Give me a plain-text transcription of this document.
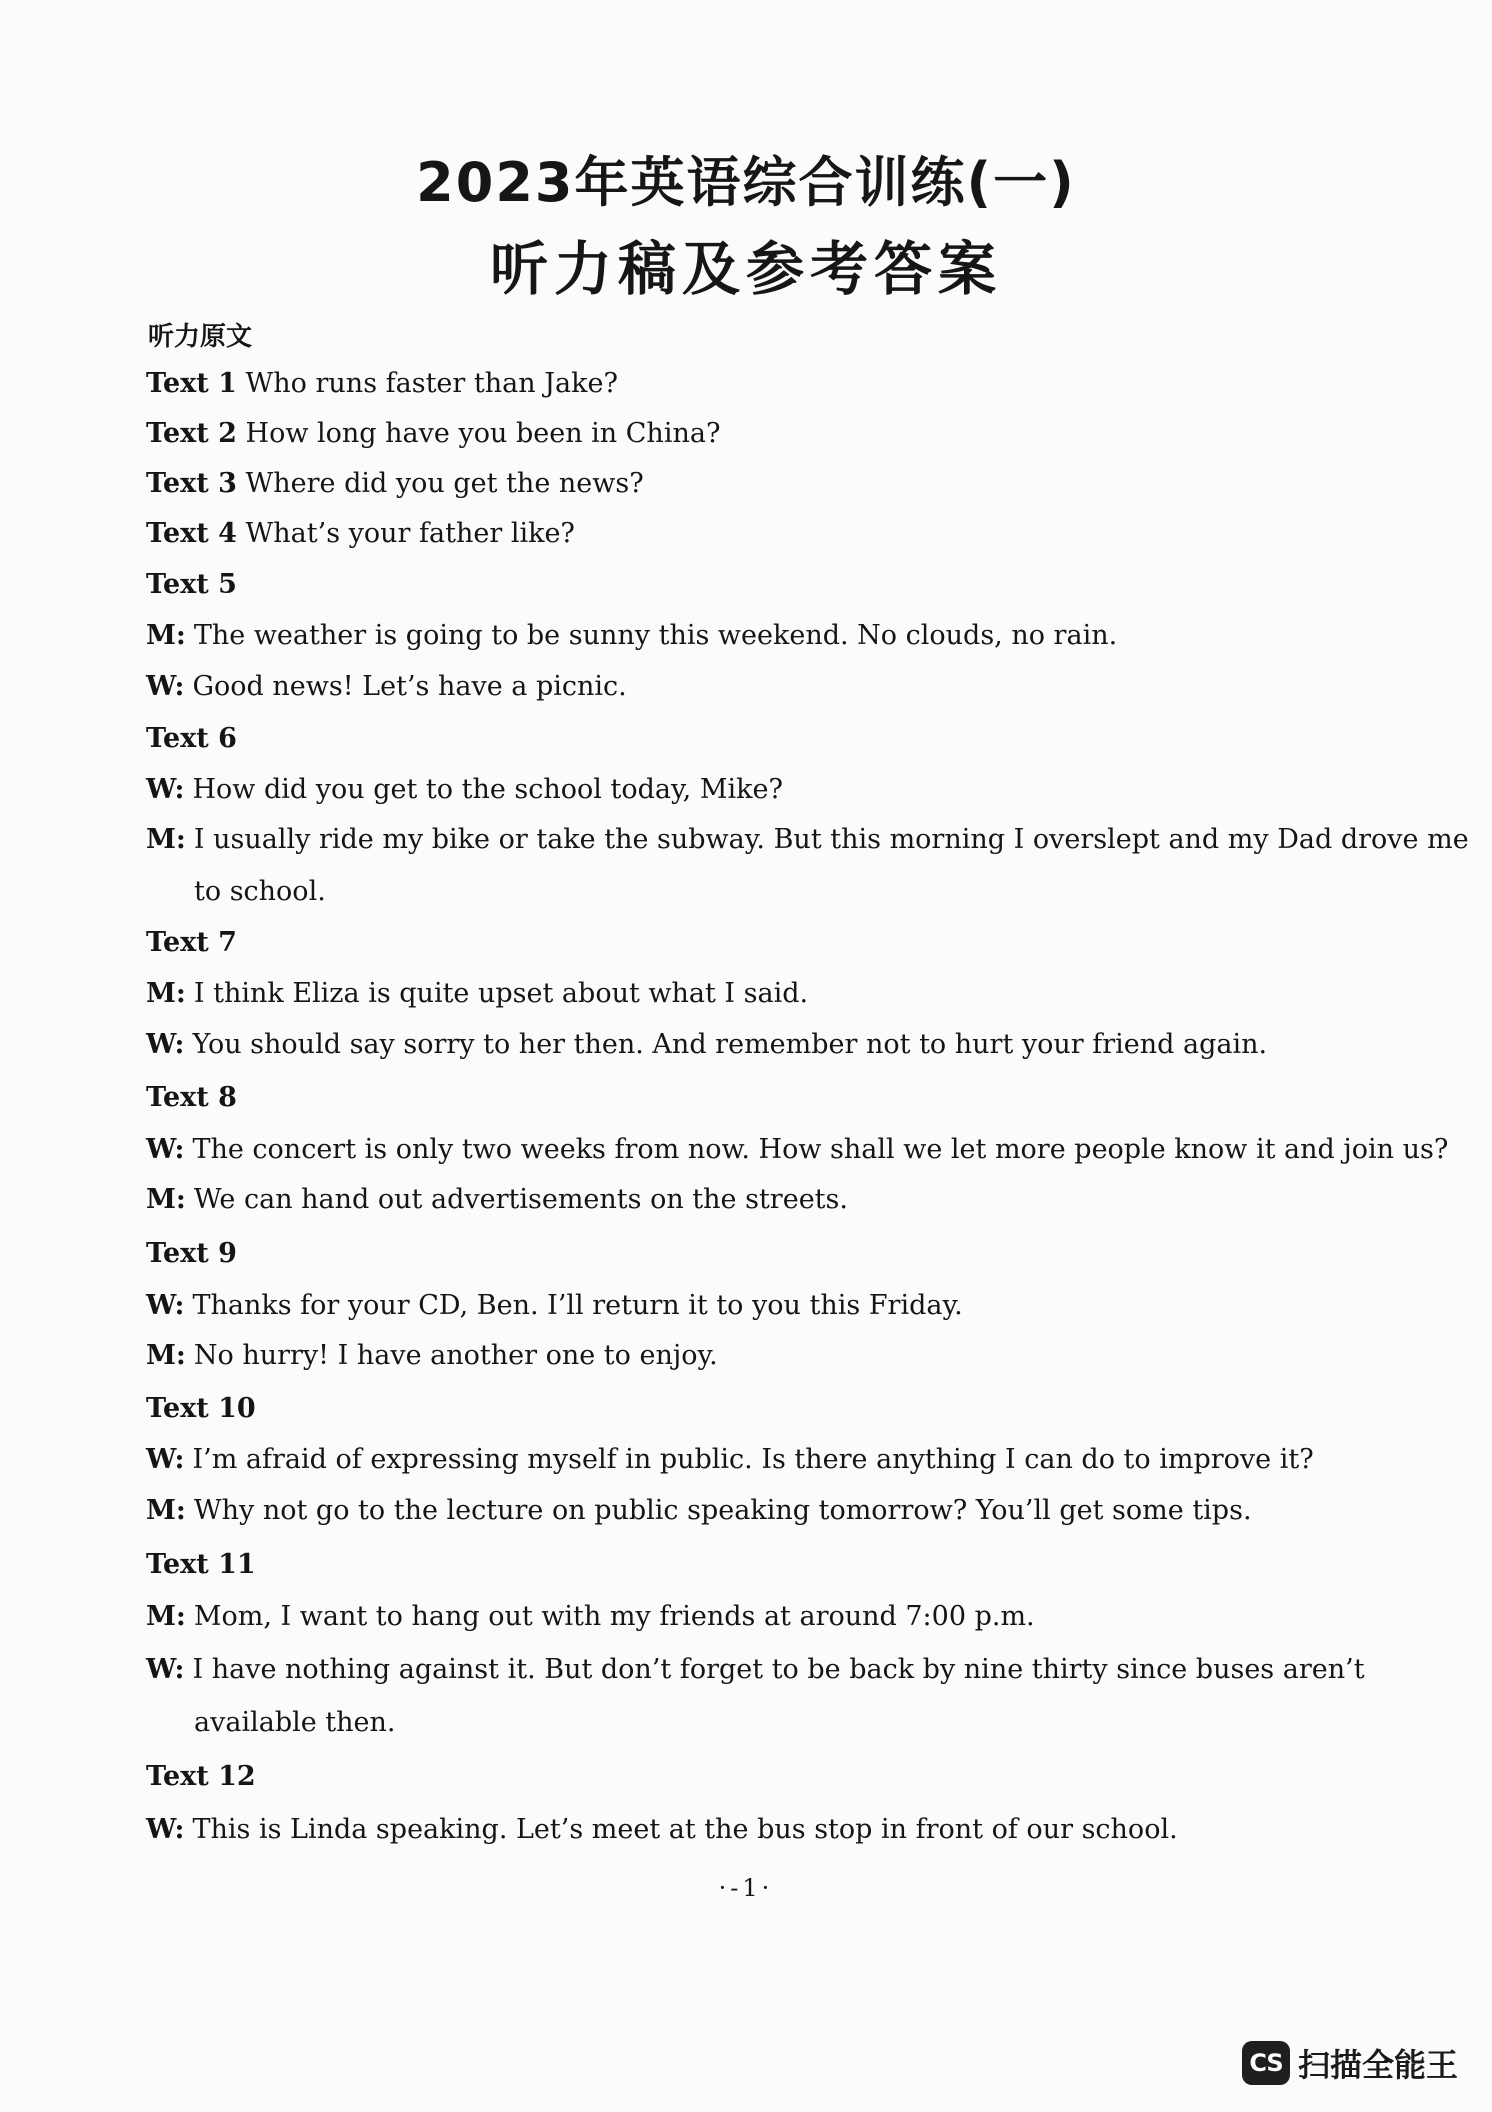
2023年英语综合训练(一)
听力稿及参考答案
听力原文
Text 1 Who runs faster than Jake?
Text 2 How long have you been in China?
Text 3 Where did you get the news?
Text 4 What’s your father like?
Text 5
M: The weather is going to be sunny this weekend. No clouds, no rain.
W: Good news! Let’s have a picnic.
Text 6
W: How did you get to the school today, Mike?
M: I usually ride my bike or take the subway. But this morning I overslept and my Dad drove me
to school.
Text 7
M: I think Eliza is quite upset about what I said.
W: You should say sorry to her then. And remember not to hurt your friend again.
Text 8
W: The concert is only two weeks from now. How shall we let more people know it and join us?
M: We can hand out advertisements on the streets.
Text 9
W: Thanks for your CD, Ben. I’ll return it to you this Friday.
M: No hurry! I have another one to enjoy.
Text 10
W: I’m afraid of expressing myself in public. Is there anything I can do to improve it?
M: Why not go to the lecture on public speaking tomorrow? You’ll get some tips.
Text 11
M: Mom, I want to hang out with my friends at around 7:00 p.m.
W: I have nothing against it. But don’t forget to be back by nine thirty since buses aren’t
available then.
Text 12
W: This is Linda speaking. Let’s meet at the bus stop in front of our school.
·-1·
CS 扫描全能王
